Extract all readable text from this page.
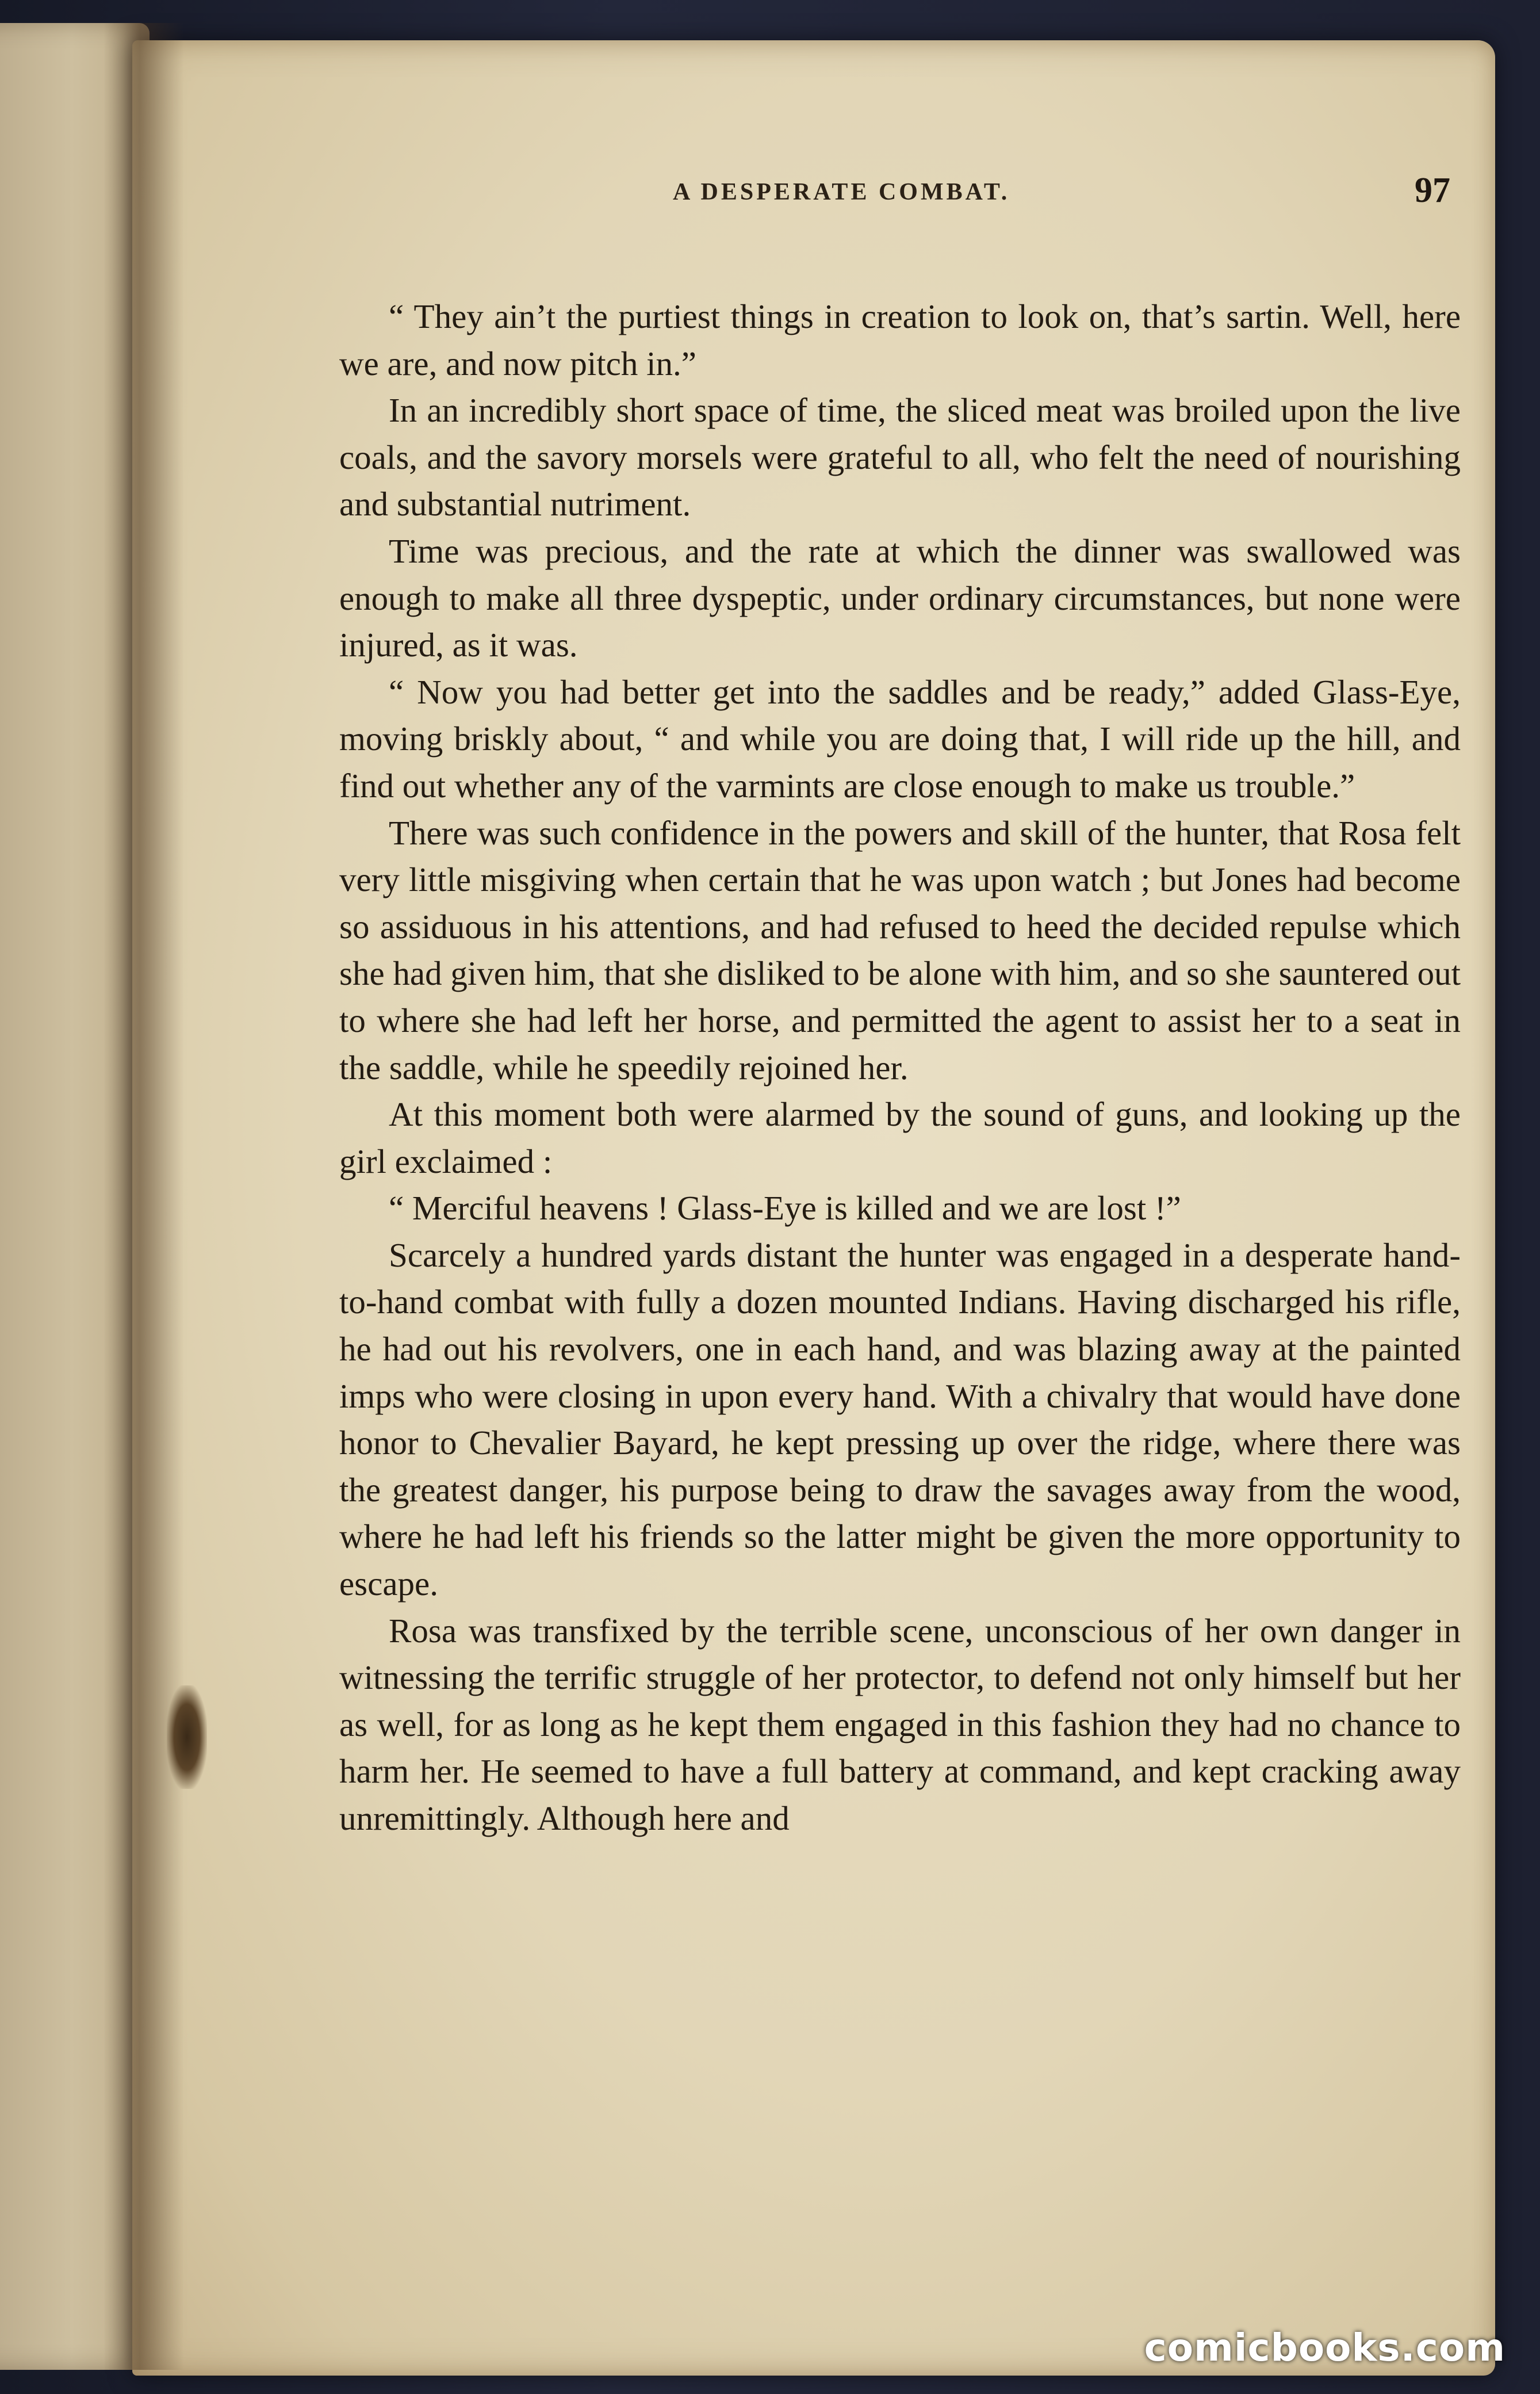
A DESPERATE COMBAT.	97

“ They ain’t the purtiest things in creation to look on, that’s sartin. Well, here we are, and now pitch in.”

In an incredibly short space of time, the sliced meat was broiled upon the live coals, and the savory morsels were grateful to all, who felt the need of nourishing and substantial nutriment.

Time was precious, and the rate at which the dinner was swallowed was enough to make all three dyspeptic, under ordinary circumstances, but none were injured, as it was.

“ Now you had better get into the saddles and be ready,” added Glass-Eye, moving briskly about, “ and while you are doing that, I will ride up the hill, and find out whether any of the varmints are close enough to make us trouble.”

There was such confidence in the powers and skill of the hunter, that Rosa felt very little misgiving when certain that he was upon watch ; but Jones had become so assiduous in his attentions, and had refused to heed the decided repulse which she had given him, that she disliked to be alone with him, and so she sauntered out to where she had left her horse, and permitted the agent to assist her to a seat in the saddle, while he speedily rejoined her.

At this moment both were alarmed by the sound of guns, and looking up the girl exclaimed :

“ Merciful heavens ! Glass-Eye is killed and we are lost !”

Scarcely a hundred yards distant the hunter was engaged in a desperate hand-to-hand combat with fully a dozen mounted Indians. Having discharged his rifle, he had out his revolvers, one in each hand, and was blazing away at the painted imps who were closing in upon every hand. With a chivalry that would have done honor to Chevalier Bayard, he kept pressing up over the ridge, where there was the greatest danger, his purpose being to draw the savages away from the wood, where he had left his friends so the latter might be given the more opportunity to escape.

Rosa was transfixed by the terrible scene, unconscious of her own danger in witnessing the terrific struggle of her protector, to defend not only himself but her as well, for as long as he kept them engaged in this fashion they had no chance to harm her. He seemed to have a full battery at command, and kept cracking away unremittingly. Although here and

comicbooks.com
